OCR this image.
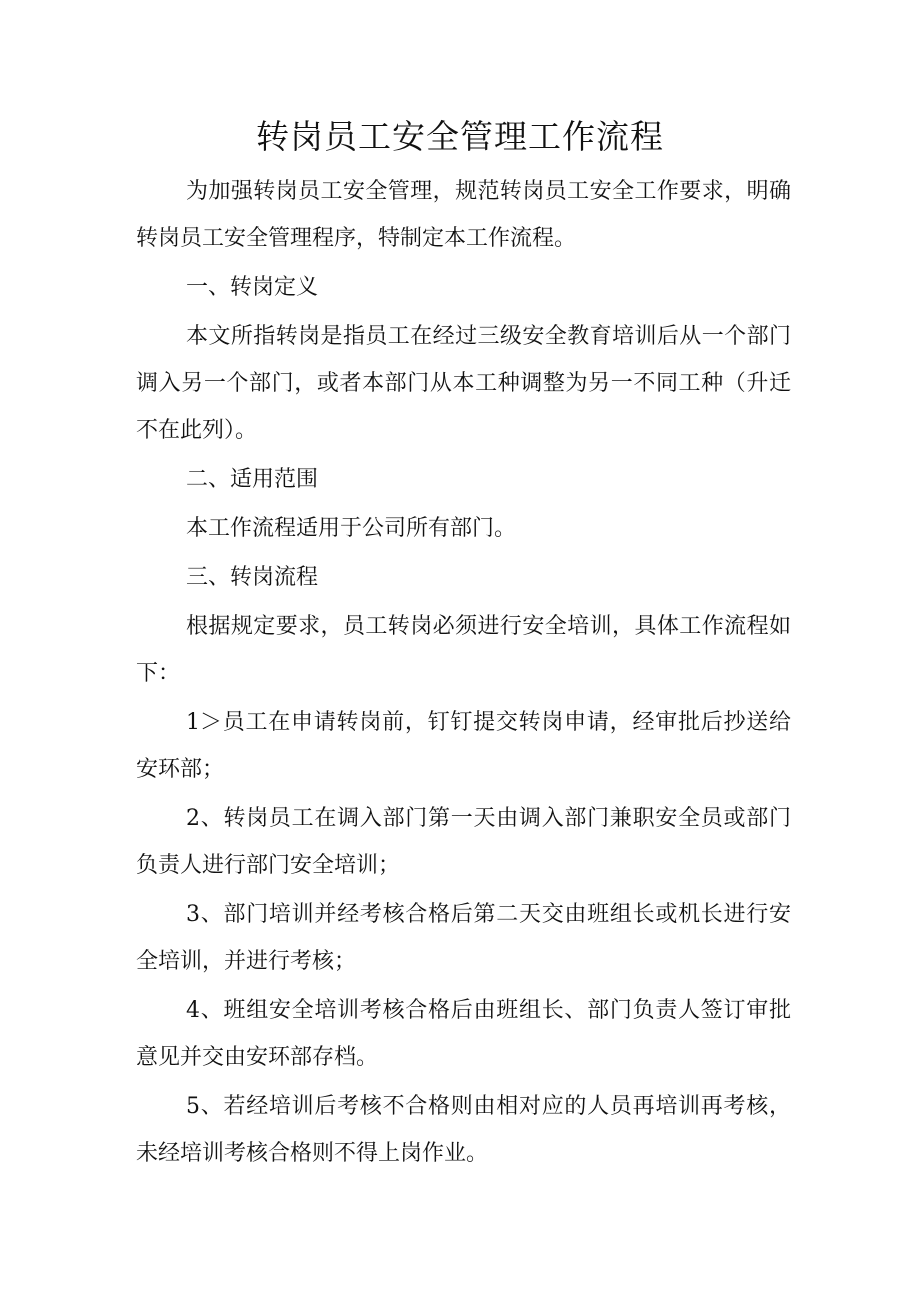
转岗员工安全管理工作流程

为加强转岗员工安全管理，规范转岗员工安全工作要求，明确转岗员工安全管理程序，特制定本工作流程。

一、转岗定义

本文所指转岗是指员工在经过三级安全教育培训后从一个部门调入另一个部门，或者本部门从本工种调整为另一不同工种（升迁不在此列）。

二、适用范围

本工作流程适用于公司所有部门。

三、转岗流程

根据规定要求，员工转岗必须进行安全培训，具体工作流程如下：

1＞员工在申请转岗前，钉钉提交转岗申请，经审批后抄送给安环部；

2、转岗员工在调入部门第一天由调入部门兼职安全员或部门负责人进行部门安全培训；

3、部门培训并经考核合格后第二天交由班组长或机长进行安全培训，并进行考核；

4、班组安全培训考核合格后由班组长、部门负责人签订审批意见并交由安环部存档。

5、若经培训后考核不合格则由相对应的人员再培训再考核，未经培训考核合格则不得上岗作业。
